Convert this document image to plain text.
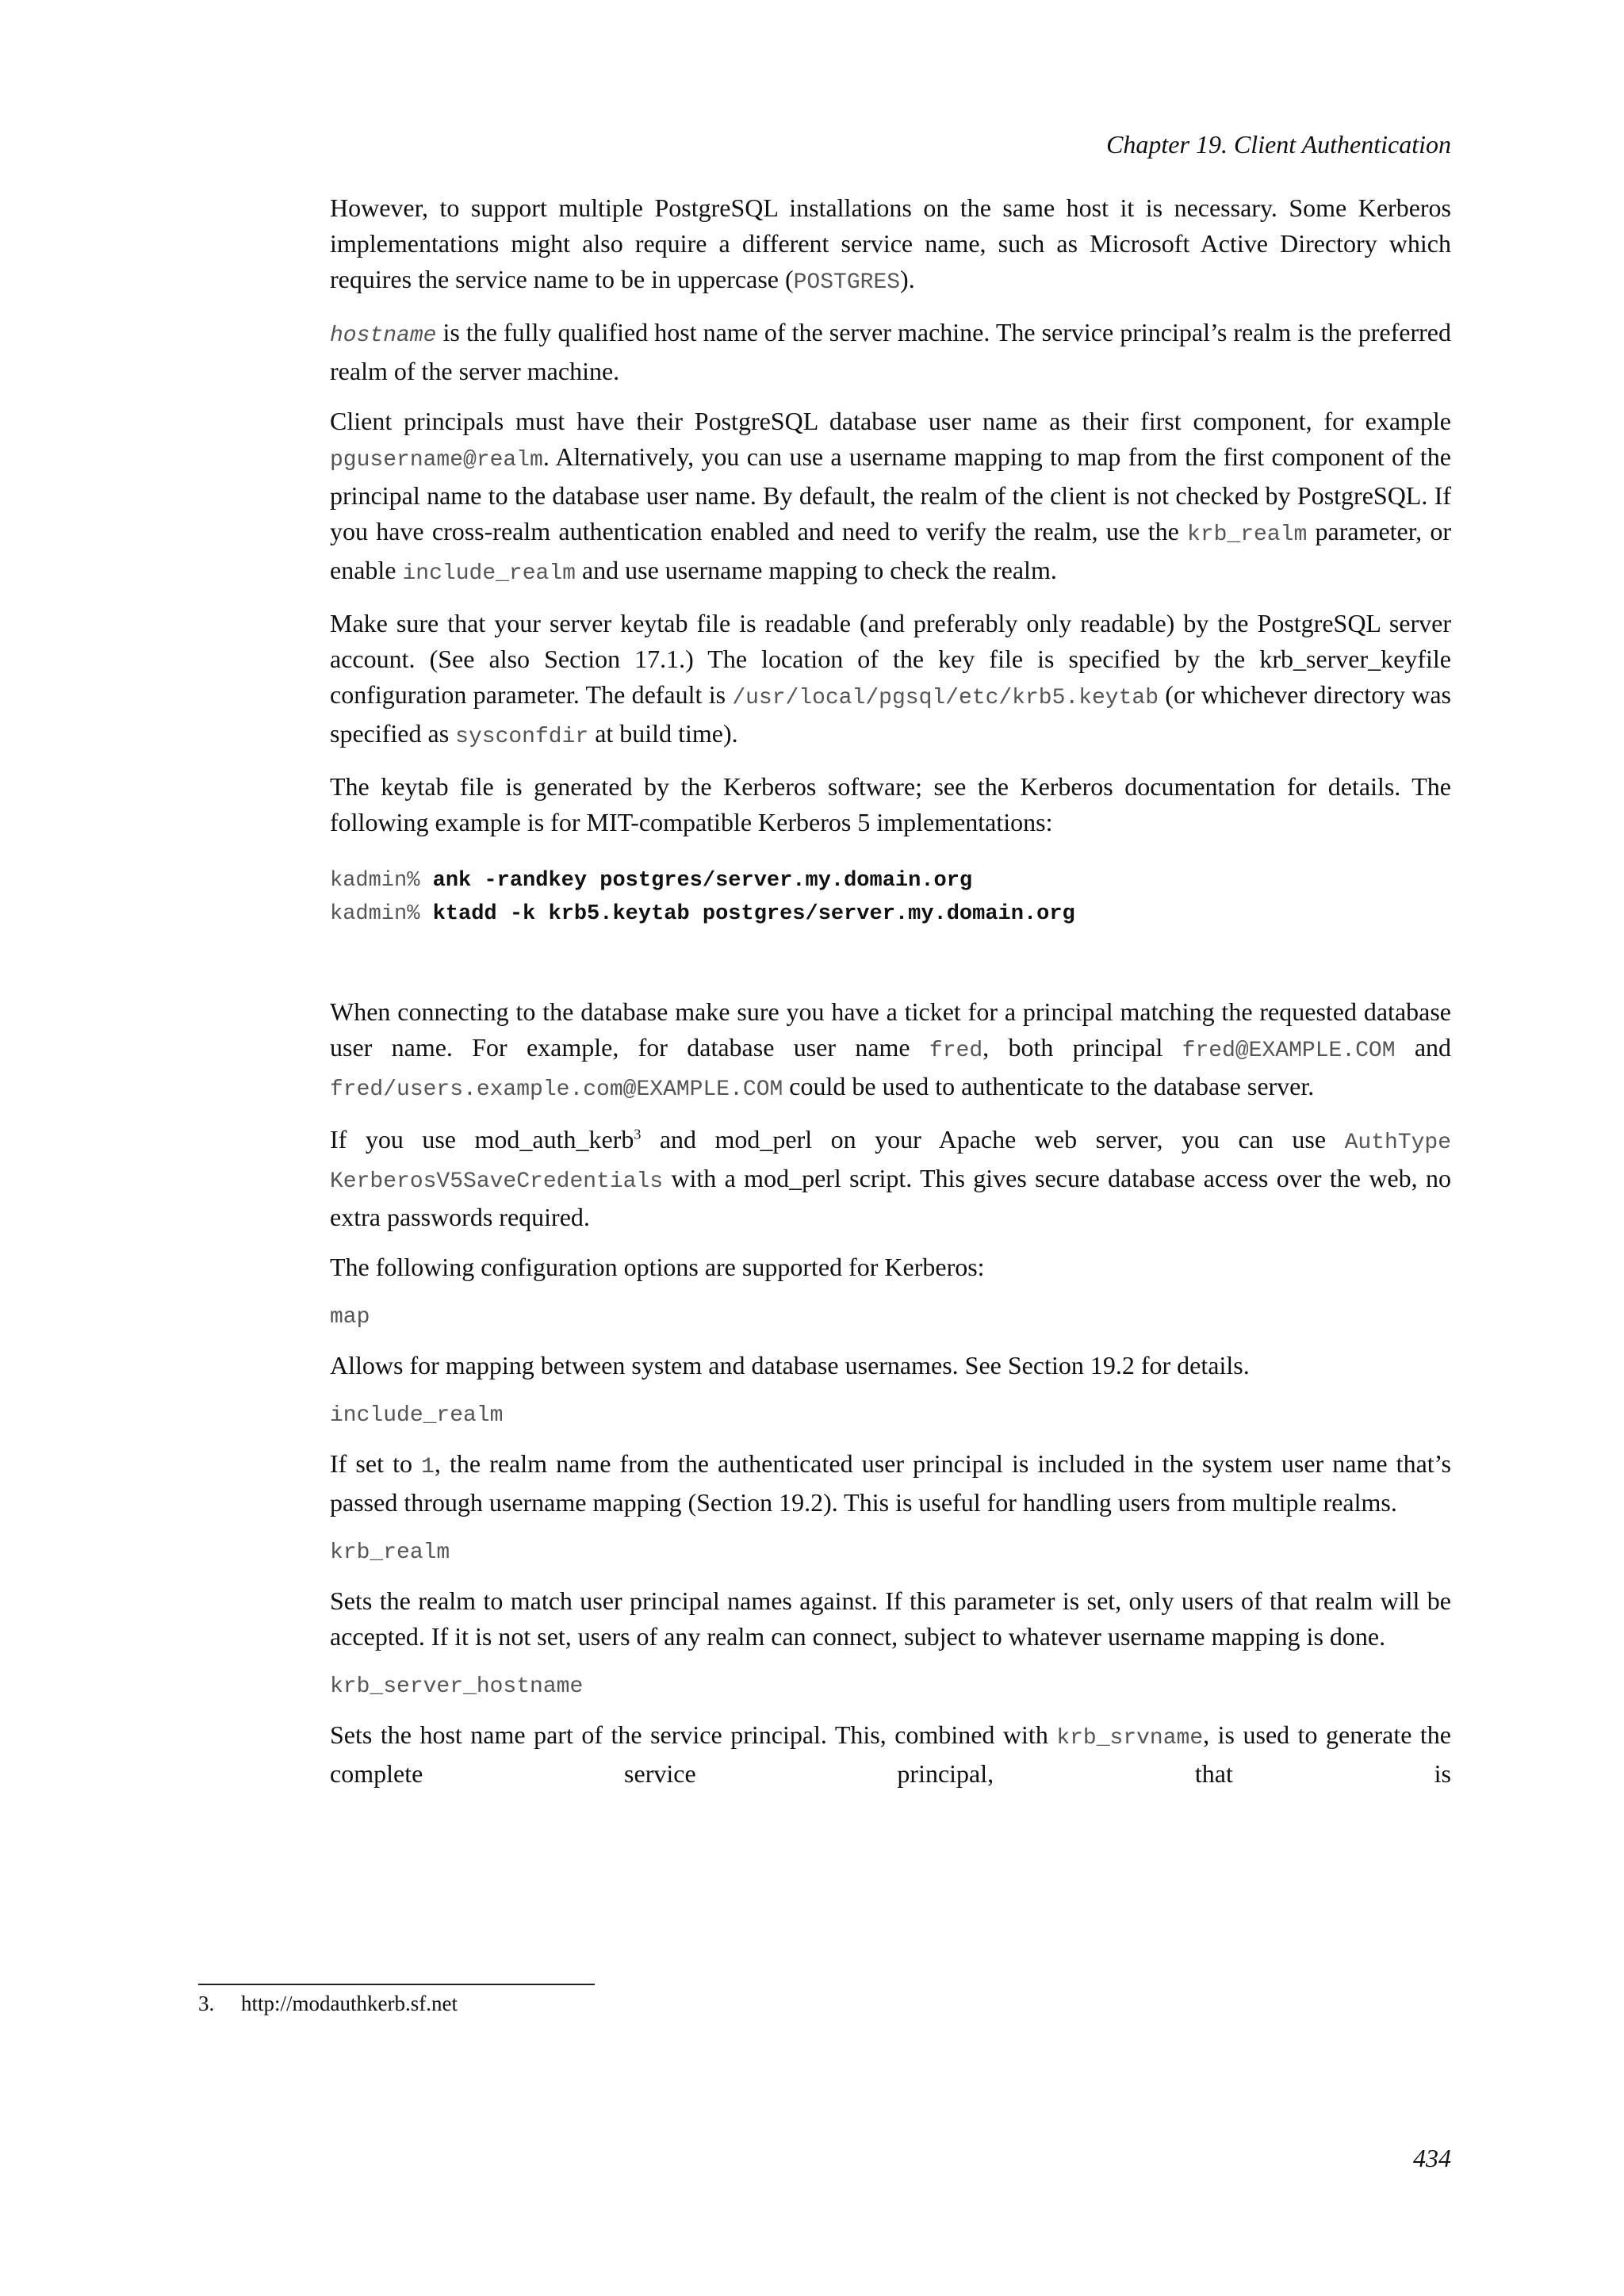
Chapter 19. Client Authentication

However, to support multiple PostgreSQL installations on the same host it is necessary. Some Kerberos implementations might also require a different service name, such as Microsoft Active Directory which requires the service name to be in uppercase (POSTGRES).

hostname is the fully qualified host name of the server machine. The service principal’s realm is the preferred realm of the server machine.

Client principals must have their PostgreSQL database user name as their first component, for example pgusername@realm. Alternatively, you can use a username mapping to map from the first component of the principal name to the database user name. By default, the realm of the client is not checked by PostgreSQL. If you have cross-realm authentication enabled and need to verify the realm, use the krb_realm parameter, or enable include_realm and use username mapping to check the realm.

Make sure that your server keytab file is readable (and preferably only readable) by the PostgreSQL server account. (See also Section 17.1.) The location of the key file is specified by the krb_server_keyfile configuration parameter. The default is /usr/local/pgsql/etc/krb5.keytab (or whichever directory was specified as sysconfdir at build time).

The keytab file is generated by the Kerberos software; see the Kerberos documentation for details. The following example is for MIT-compatible Kerberos 5 implementations:

kadmin% ank -randkey postgres/server.my.domain.org
kadmin% ktadd -k krb5.keytab postgres/server.my.domain.org

When connecting to the database make sure you have a ticket for a principal matching the requested database user name. For example, for database user name fred, both principal fred@EXAMPLE.COM and fred/users.example.com@EXAMPLE.COM could be used to authenticate to the database server.

If you use mod_auth_kerb$^3$ and mod_perl on your Apache web server, you can use AuthType KerberosV5SaveCredentials with a mod_perl script. This gives secure database access over the web, no extra passwords required.

The following configuration options are supported for Kerberos:

map

Allows for mapping between system and database usernames. See Section 19.2 for details.

include_realm

If set to 1, the realm name from the authenticated user principal is included in the system user name that’s passed through username mapping (Section 19.2). This is useful for handling users from multiple realms.

krb_realm

Sets the realm to match user principal names against. If this parameter is set, only users of that realm will be accepted. If it is not set, users of any realm can connect, subject to whatever username mapping is done.

krb_server_hostname

Sets the host name part of the service principal. This, combined with krb_srvname, is used to generate the complete service principal, that is

3. http://modauthkerb.sf.net
434
